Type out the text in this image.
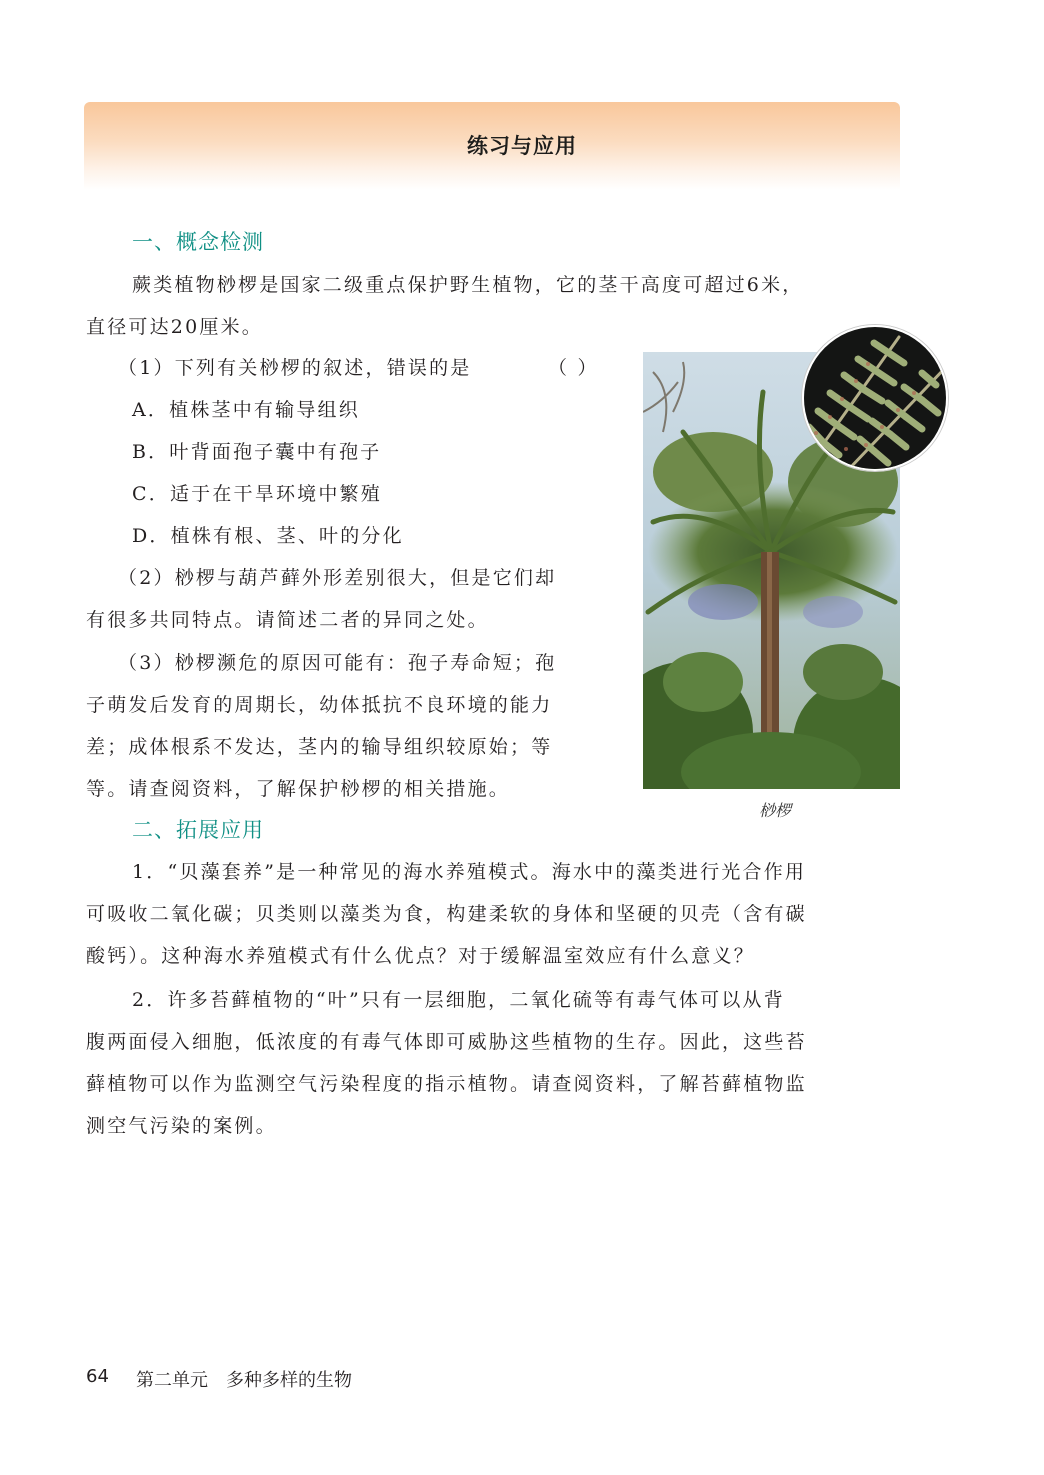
练习与应用
一、概念检测
蕨类植物桫椤是国家二级重点保护野生植物，它的茎干高度可超过6米，
直径可达20厘米。
（1）下列有关桫椤的叙述，错误的是	（ ）
A．植株茎中有输导组织
B．叶背面孢子囊中有孢子
C．适于在干旱环境中繁殖
D．植株有根、茎、叶的分化
（2）桫椤与葫芦藓外形差别很大，但是它们却
有很多共同特点。请简述二者的异同之处。
（3）桫椤濒危的原因可能有：孢子寿命短；孢
子萌发后发育的周期长，幼体抵抗不良环境的能力
差；成体根系不发达，茎内的输导组织较原始；等
等。请查阅资料，了解保护桫椤的相关措施。
桫椤
二、拓展应用
1．“贝藻套养”是一种常见的海水养殖模式。海水中的藻类进行光合作用
可吸收二氧化碳；贝类则以藻类为食，构建柔软的身体和坚硬的贝壳（含有碳
酸钙）。这种海水养殖模式有什么优点？对于缓解温室效应有什么意义？
2．许多苔藓植物的“叶”只有一层细胞，二氧化硫等有毒气体可以从背
腹两面侵入细胞，低浓度的有毒气体即可威胁这些植物的生存。因此，这些苔
藓植物可以作为监测空气污染程度的指示植物。请查阅资料，了解苔藓植物监
测空气污染的案例。
64 第二单元　多种多样的生物
